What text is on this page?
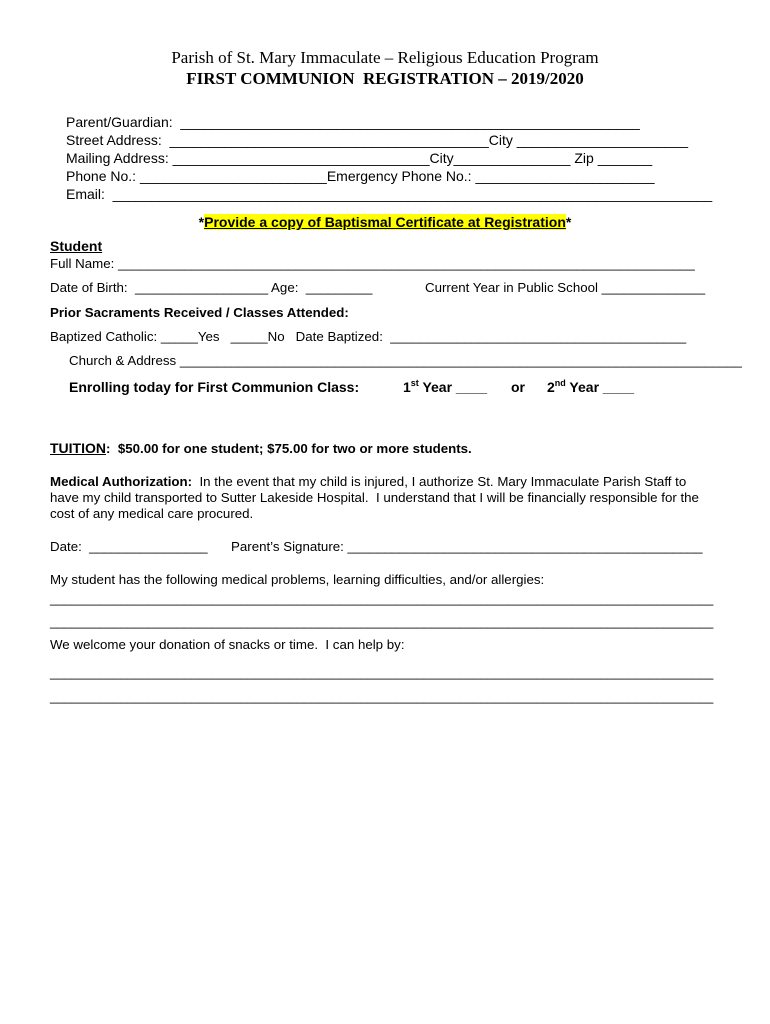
Parish of St. Mary Immaculate – Religious Education Program
FIRST COMMUNION  REGISTRATION – 2019/2020
Parent/Guardian:  ___________________________________________________________
Street Address:  _________________________________________City ______________________
Mailing Address: _________________________________City_______________ Zip _______
Phone No.: ________________________Emergency Phone No.: _______________________
Email:  _____________________________________________________________________________
*Provide a copy of Baptismal Certificate at Registration*
Student
Full Name: ______________________________________________________________________________
Date of Birth:  __________________ Age:  _________	Current Year in Public School ______________
Prior Sacraments Received / Classes Attended:
Baptized Catholic: _____Yes   _____No   Date Baptized:  ________________________________________
Church & Address ____________________________________________________________________________
Enrolling today for First Communion Class:	1st Year ____ or 2nd Year ____
TUITION:  $50.00 for one student; $75.00 for two or more students.
Medical Authorization:  In the event that my child is injured, I authorize St. Mary Immaculate Parish Staff to
have my child transported to Sutter Lakeside Hospital.  I understand that I will be financially responsible for the
cost of any medical care procured.
Date:  ________________ Parent’s Signature: ________________________________________________
My student has the following medical problems, learning difficulties, and/or allergies:
______________________________________________________________________________________________
______________________________________________________________________________________________
We welcome your donation of snacks or time.  I can help by:
______________________________________________________________________________________________
______________________________________________________________________________________________
